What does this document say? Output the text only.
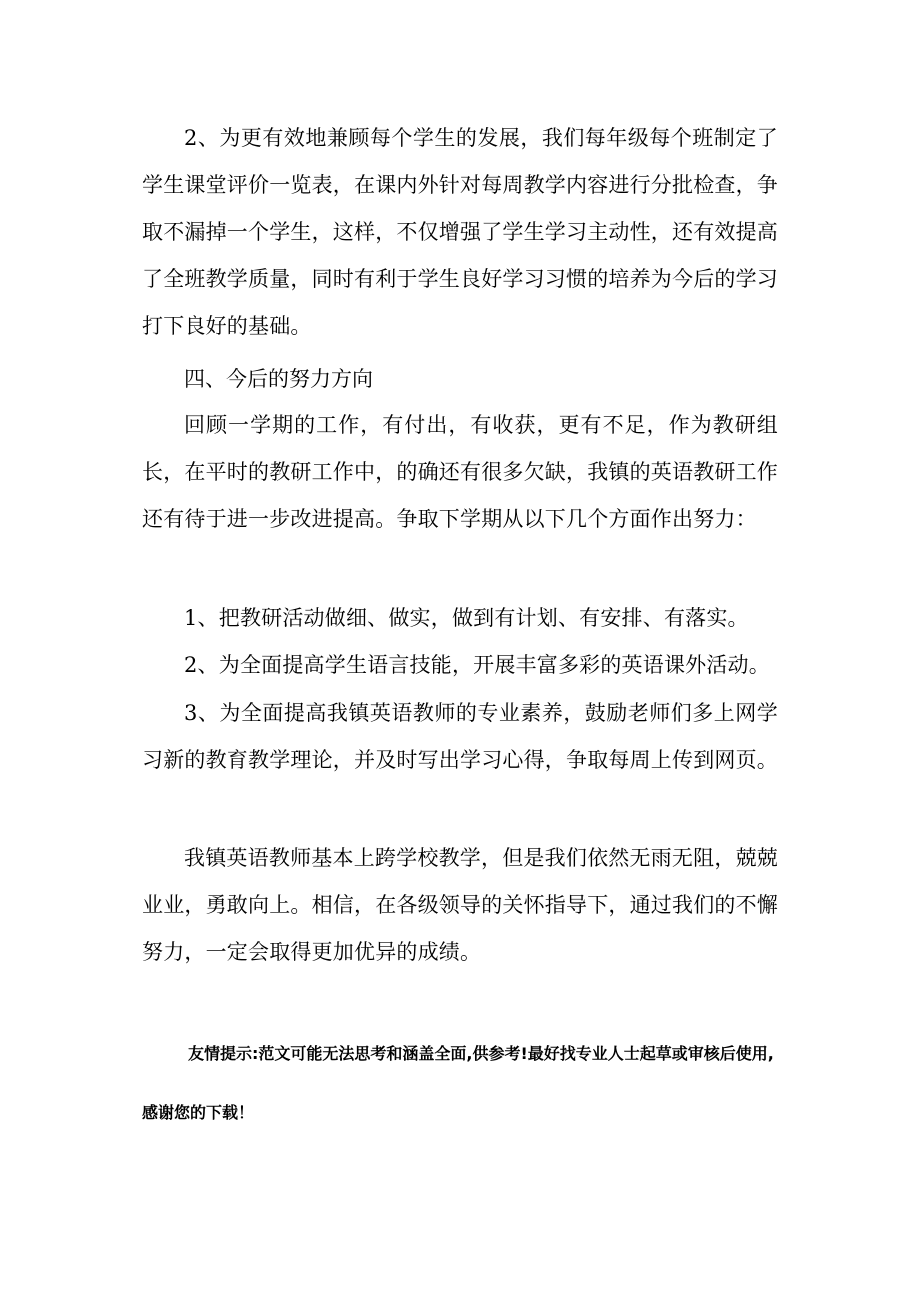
2、为更有效地兼顾每个学生的发展，我们每年级每个班制定了学生课堂评价一览表，在课内外针对每周教学内容进行分批检查，争取不漏掉一个学生，这样，不仅增强了学生学习主动性，还有效提高了全班教学质量，同时有利于学生良好学习习惯的培养为今后的学习打下良好的基础。

四、今后的努力方向

回顾一学期的工作，有付出，有收获，更有不足，作为教研组长，在平时的教研工作中，的确还有很多欠缺，我镇的英语教研工作还有待于进一步改进提高。争取下学期从以下几个方面作出努力：

1、把教研活动做细、做实，做到有计划、有安排、有落实。

2、为全面提高学生语言技能，开展丰富多彩的英语课外活动。

3、为全面提高我镇英语教师的专业素养，鼓励老师们多上网学习新的教育教学理论，并及时写出学习心得，争取每周上传到网页。

我镇英语教师基本上跨学校教学，但是我们依然无雨无阻，兢兢业业，勇敢向上。相信，在各级领导的关怀指导下，通过我们的不懈努力，一定会取得更加优异的成绩。

友情提示:范文可能无法思考和涵盖全面,供参考!最好找专业人士起草或审核后使用,感谢您的下载！
